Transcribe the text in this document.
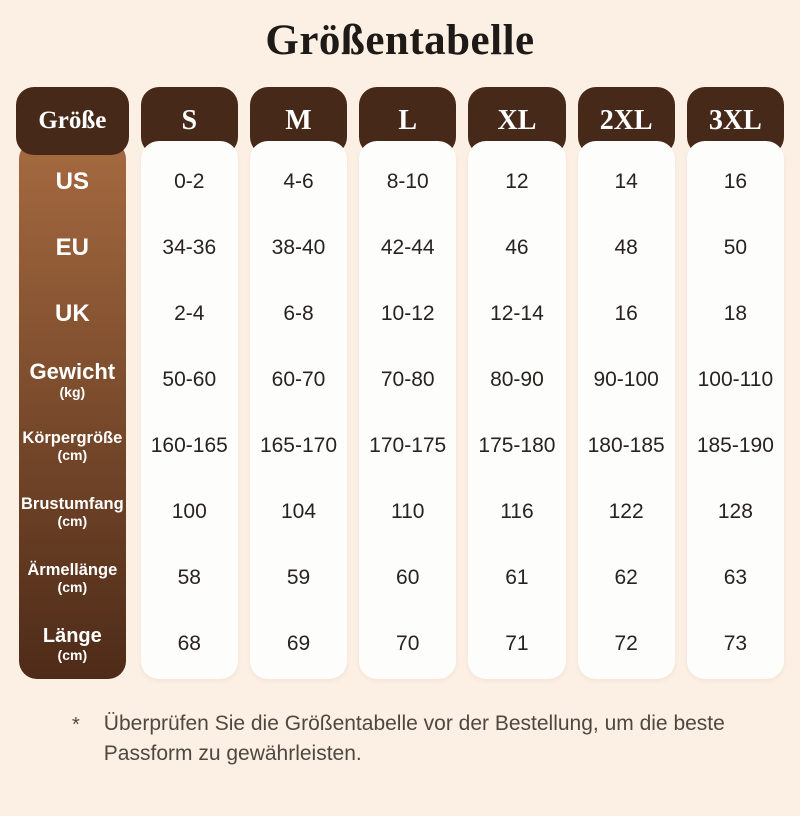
Größentabelle
Größe
US
EU
UK
Gewicht
(kg)
Körpergröße
(cm)
Brustumfang
(cm)
Ärmellänge
(cm)
Länge
(cm)
S
0-2
34-36
2-4
50-60
160-165
100
58
68
M
4-6
38-40
6-8
60-70
165-170
104
59
69
L
8-10
42-44
10-12
70-80
170-175
110
60
70
XL
12
46
12-14
80-90
175-180
116
61
71
2XL
14
48
16
90-100
180-185
122
62
72
3XL
16
50
18
100-110
185-190
128
63
73
* Überprüfen Sie die Größentabelle vor der Bestellung, um die beste Passform zu gewährleisten.
